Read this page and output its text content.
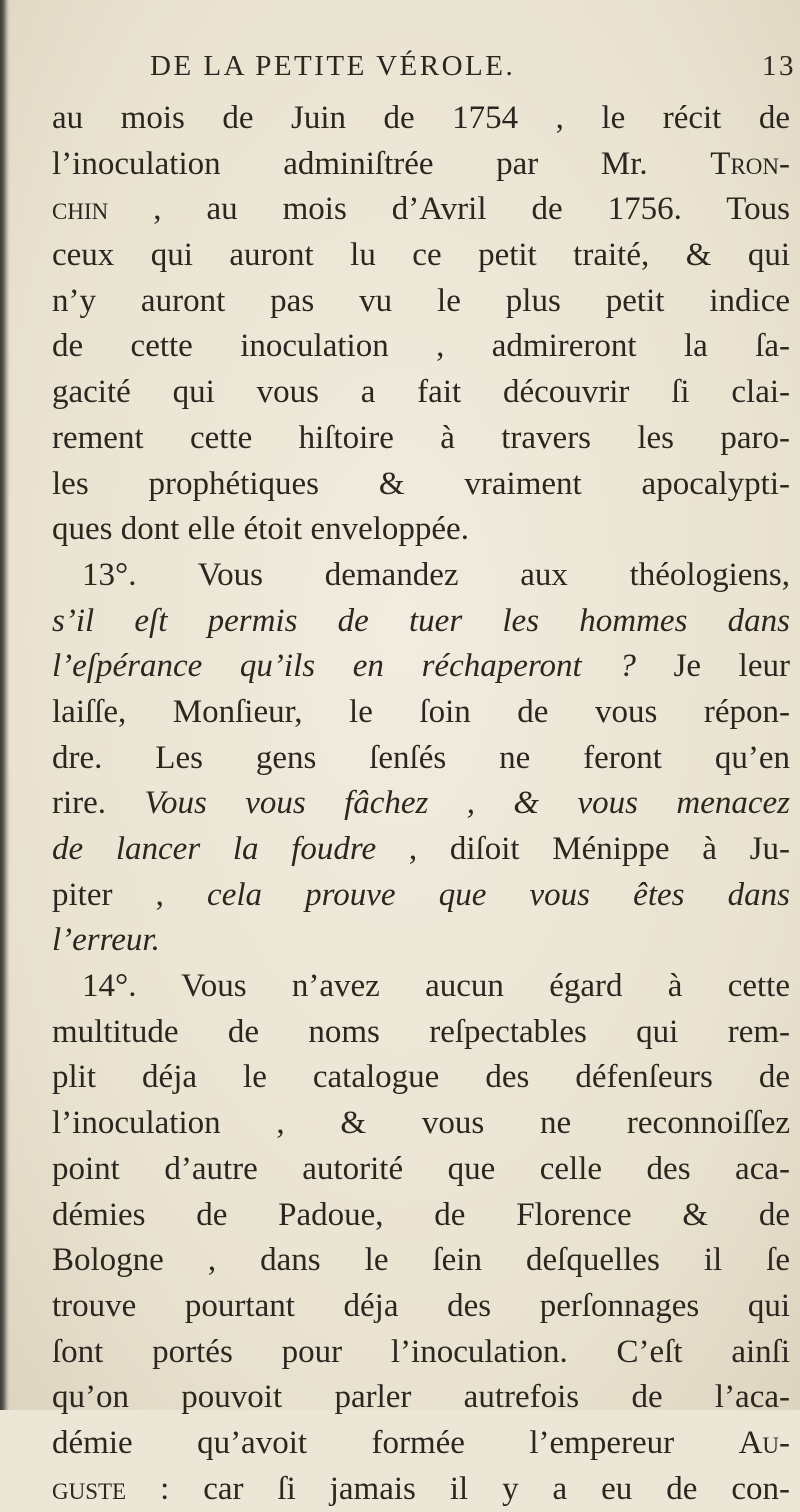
DE LA PETITE VÉROLE.	13
au mois de Juin de 1754 , le récit de
l’inoculation adminiſtrée par Mr. Tron-
chin , au mois d’Avril de 1756. Tous
ceux qui auront lu ce petit traité, & qui
n’y auront pas vu le plus petit indice
de cette inoculation , admireront la ſa-
gacité qui vous a fait découvrir ſi clai-
rement cette hiſtoire à travers les paro-
les prophétiques & vraiment apocalypti-
ques dont elle étoit enveloppée.
13°. Vous demandez aux théologiens,
s’il eſt permis de tuer les hommes dans
l’eſpérance qu’ils en réchaperont ? Je leur
laiſſe, Monſieur, le ſoin de vous répon-
dre. Les gens ſenſés ne feront qu’en
rire. Vous vous fâchez , & vous menacez
de lancer la foudre , diſoit Ménippe à Ju-
piter , cela prouve que vous êtes dans
l’erreur.
14°. Vous n’avez aucun égard à cette
multitude de noms reſpectables qui rem-
plit déja le catalogue des défenſeurs de
l’inoculation , & vous ne reconnoiſſez
point d’autre autorité que celle des aca-
démies de Padoue, de Florence & de
Bologne , dans le ſein deſquelles il ſe
trouve pourtant déja des perſonnages qui
ſont portés pour l’inoculation. C’eſt ainſi
qu’on pouvoit parler autrefois de l’aca-
démie qu’avoit formée l’empereur Au-
guste : car ſi jamais il y a eu de con-
